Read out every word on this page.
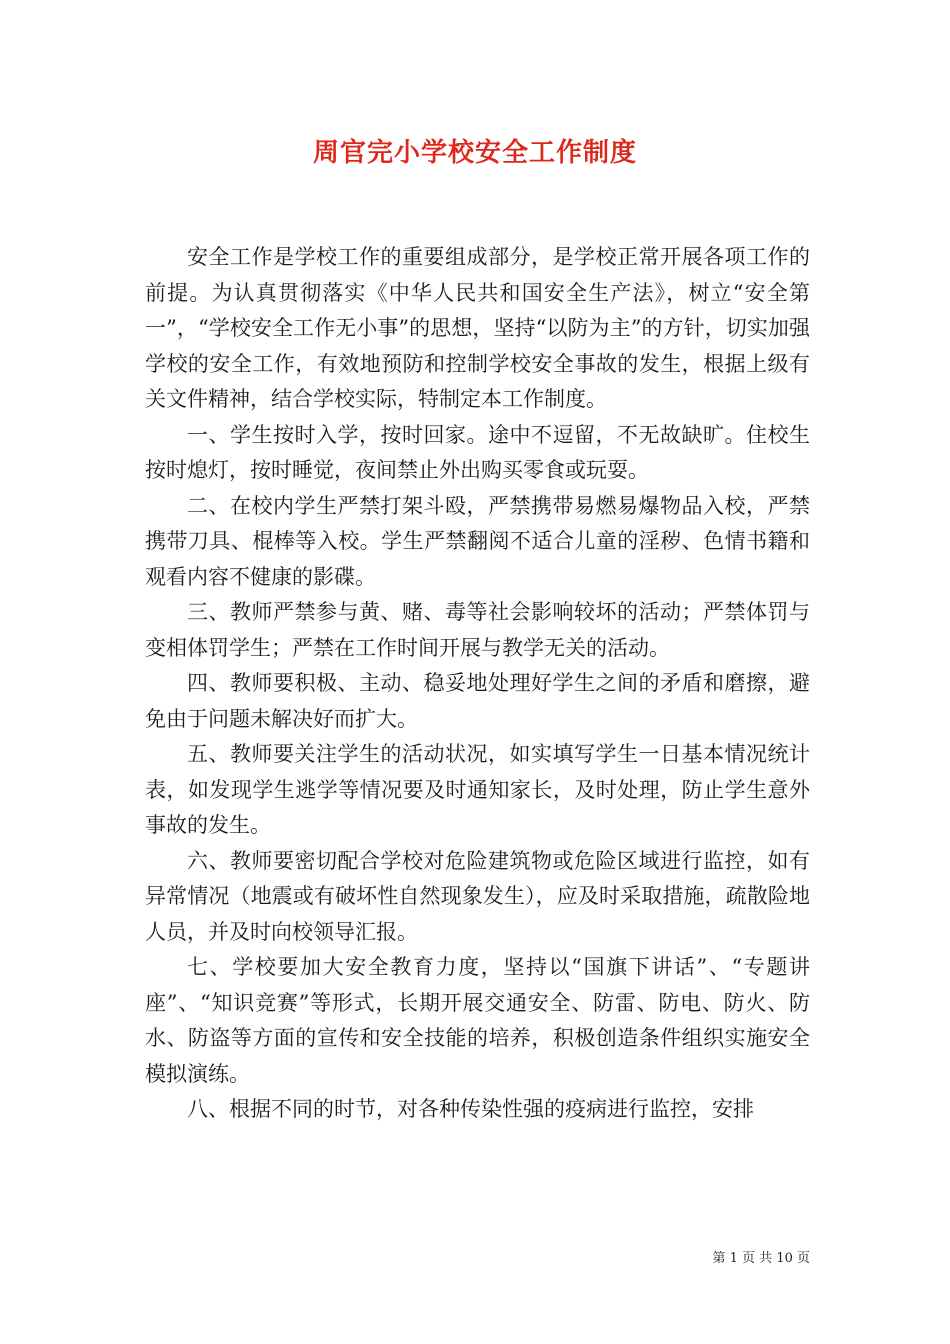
周官完小学校安全工作制度

安全工作是学校工作的重要组成部分，是学校正常开展各项工作的前提。为认真贯彻落实《中华人民共和国安全生产法》，树立“安全第一”，“学校安全工作无小事”的思想，坚持“以防为主”的方针，切实加强学校的安全工作，有效地预防和控制学校安全事故的发生，根据上级有关文件精神，结合学校实际，特制定本工作制度。

一、学生按时入学，按时回家。途中不逗留，不无故缺旷。住校生按时熄灯，按时睡觉，夜间禁止外出购买零食或玩耍。

二、在校内学生严禁打架斗殴，严禁携带易燃易爆物品入校，严禁携带刀具、棍棒等入校。学生严禁翻阅不适合儿童的淫秽、色情书籍和观看内容不健康的影碟。

三、教师严禁参与黄、赌、毒等社会影响较坏的活动；严禁体罚与变相体罚学生；严禁在工作时间开展与教学无关的活动。

四、教师要积极、主动、稳妥地处理好学生之间的矛盾和磨擦，避免由于问题未解决好而扩大。

五、教师要关注学生的活动状况，如实填写学生一日基本情况统计表，如发现学生逃学等情况要及时通知家长，及时处理，防止学生意外事故的发生。

六、教师要密切配合学校对危险建筑物或危险区域进行监控，如有异常情况（地震或有破坏性自然现象发生），应及时采取措施，疏散险地人员，并及时向校领导汇报。

七、学校要加大安全教育力度，坚持以“国旗下讲话”、“专题讲座”、“知识竞赛”等形式，长期开展交通安全、防雷、防电、防火、防水、防盗等方面的宣传和安全技能的培养，积极创造条件组织实施安全模拟演练。

八、根据不同的时节，对各种传染性强的疫病进行监控，安排

第 1 页 共 10 页
